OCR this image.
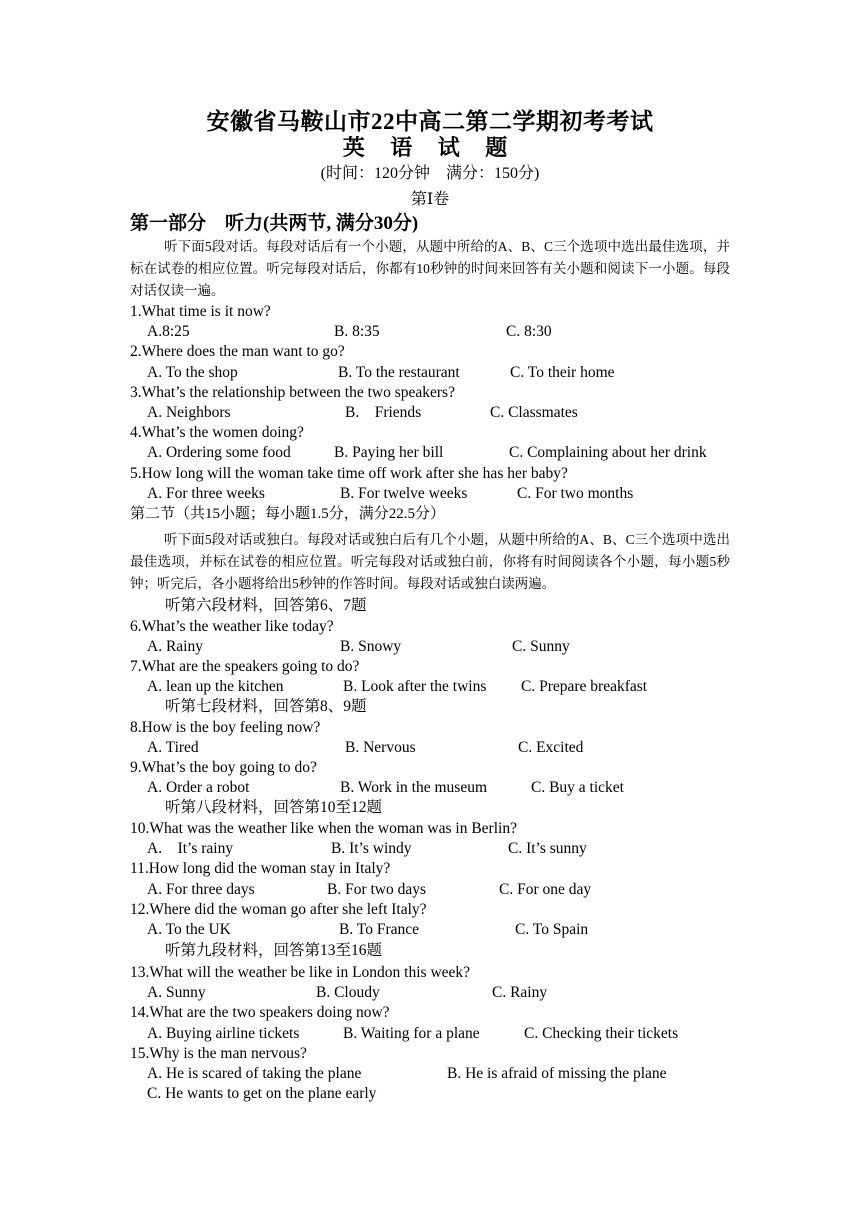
安徽省马鞍山市22中高二第二学期初考考试
英 语 试 题
(时间：120分钟　满分：150分)
第Ⅰ卷
第一部分　听力(共两节, 满分30分)
听下面5段对话。每段对话后有一个小题，从题中所给的A、B、C三个选项中选出最佳选项，并标在试卷的相应位置。听完每段对话后，你都有10秒钟的时间来回答有关小题和阅读下一小题。每段对话仅读一遍。
1.What time is it now?
A.8:25	B. 8:35	C. 8:30
2.Where does the man want to go?
A. To the shop	B. To the restaurant	C. To their home
3.What’s the relationship between the two speakers?
A. Neighbors	B.　Friends	C. Classmates
4.What’s the women doing?
A. Ordering some food	B. Paying her bill	C. Complaining about her drink
5.How long will the woman take time off work after she has her baby?
A. For three weeks	B. For twelve weeks	C. For two months
第二节（共15小题；每小题1.5分，满分22.5分）
听下面5段对话或独白。每段对话或独白后有几个小题，从题中所给的A、B、C三个选项中选出最佳选项，并标在试卷的相应位置。听完每段对话或独白前，你将有时间阅读各个小题，每小题5秒钟；听完后，各小题将给出5秒钟的作答时间。每段对话或独白读两遍。
听第六段材料，回答第6、7题
6.What’s the weather like today?
A. Rainy	B. Snowy	C. Sunny
7.What are the speakers going to do?
A. lean up the kitchen	B. Look after the twins C. Prepare breakfast
听第七段材料，回答第8、9题
8.How is the boy feeling now?
A. Tired	B. Nervous	C. Excited
9.What’s the boy going to do?
A. Order a robot	B. Work in the museum	C. Buy a ticket
听第八段材料，回答第10至12题
10.What was the weather like when the woman was in Berlin?
A.　It’s rainy	B. It’s windy	C. It’s sunny
11.How long did the woman stay in Italy?
A. For three days	B. For two days	C. For one day
12.Where did the woman go after she left Italy?
A. To the UK	B. To France	C. To Spain
听第九段材料，回答第13至16题
13.What will the weather be like in London this week?
A. Sunny	B. Cloudy	C. Rainy
14.What are the two speakers doing now?
A. Buying airline tickets	B. Waiting for a plane	C. Checking their tickets
15.Why is the man nervous?
A. He is scared of taking the plane	B. He is afraid of missing the plane
C. He wants to get on the plane early
